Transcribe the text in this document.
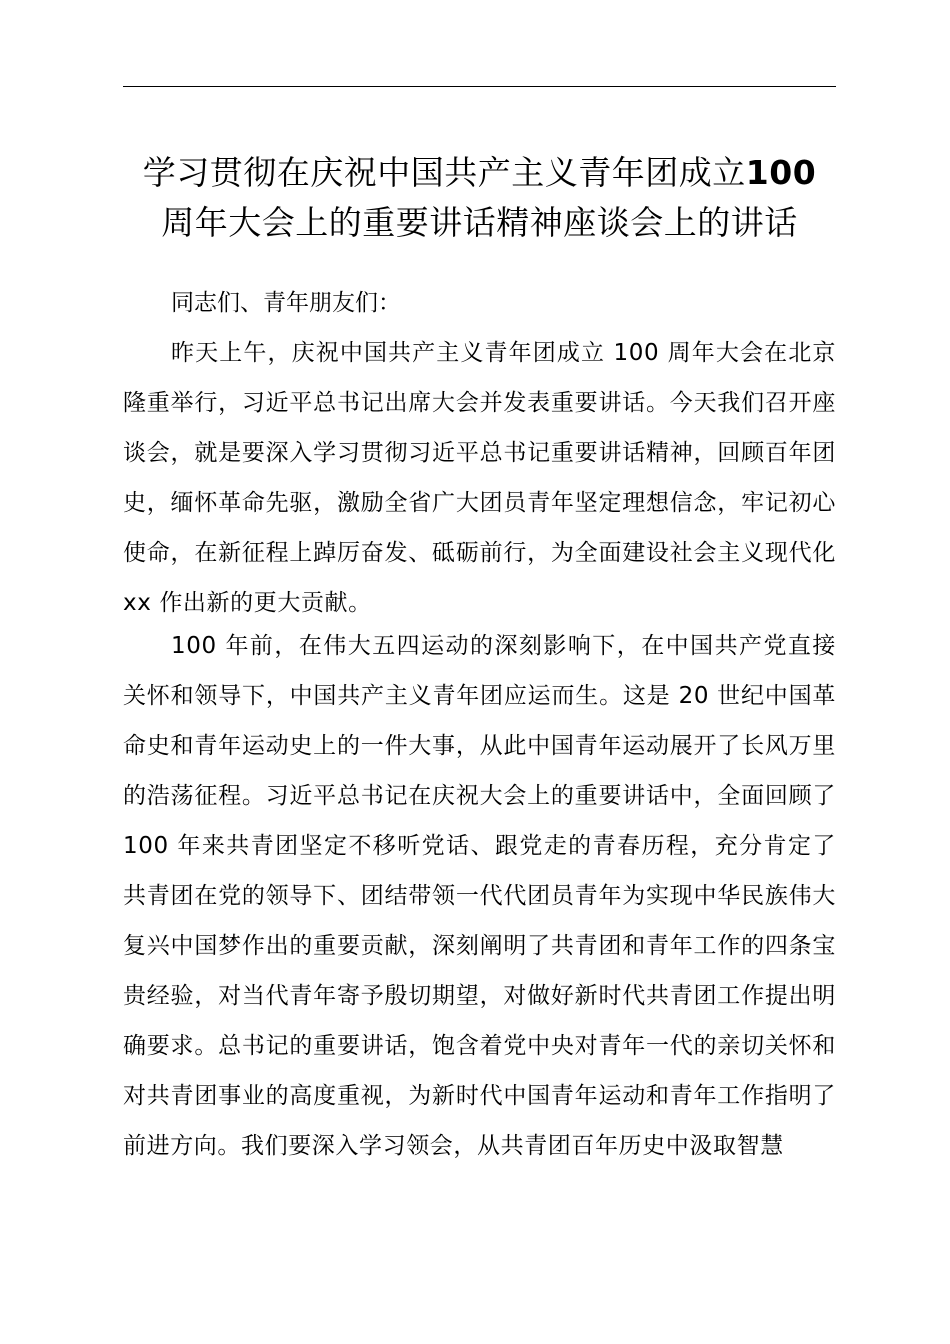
学习贯彻在庆祝中国共产主义青年团成立100
周年大会上的重要讲话精神座谈会上的讲话

同志们、青年朋友们：

昨天上午，庆祝中国共产主义青年团成立 100 周年大会在北京隆重举行，习近平总书记出席大会并发表重要讲话。今天我们召开座谈会，就是要深入学习贯彻习近平总书记重要讲话精神，回顾百年团史，缅怀革命先驱，激励全省广大团员青年坚定理想信念，牢记初心使命，在新征程上踔厉奋发、砥砺前行，为全面建设社会主义现代化 xx 作出新的更大贡献。

100 年前，在伟大五四运动的深刻影响下，在中国共产党直接关怀和领导下，中国共产主义青年团应运而生。这是 20 世纪中国革命史和青年运动史上的一件大事，从此中国青年运动展开了长风万里的浩荡征程。习近平总书记在庆祝大会上的重要讲话中，全面回顾了 100 年来共青团坚定不移听党话、跟党走的青春历程，充分肯定了共青团在党的领导下、团结带领一代代团员青年为实现中华民族伟大复兴中国梦作出的重要贡献，深刻阐明了共青团和青年工作的四条宝贵经验，对当代青年寄予殷切期望，对做好新时代共青团工作提出明确要求。总书记的重要讲话，饱含着党中央对青年一代的亲切关怀和对共青团事业的高度重视，为新时代中国青年运动和青年工作指明了前进方向。我们要深入学习领会，从共青团百年历史中汲取智慧
